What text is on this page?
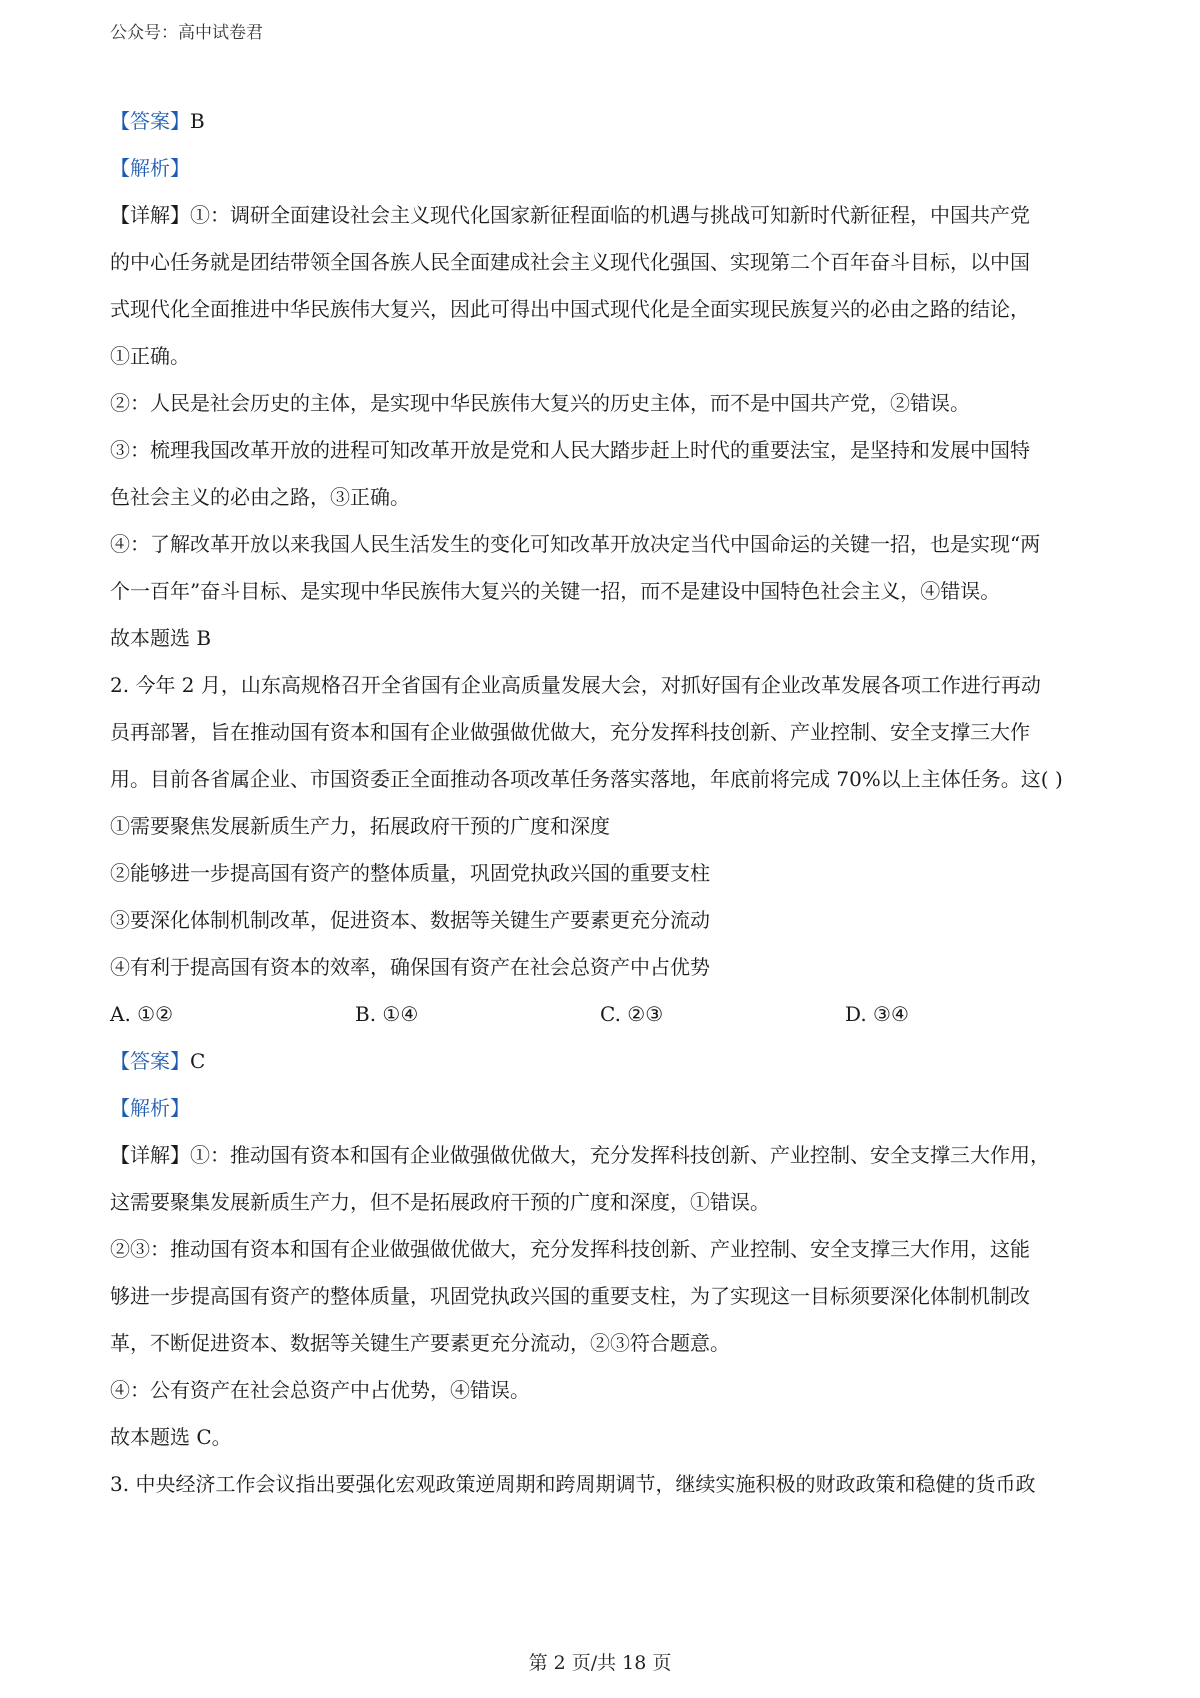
公众号：高中试卷君
【答案】B
【解析】
【详解】①：调研全面建设社会主义现代化国家新征程面临的机遇与挑战可知新时代新征程，中国共产党
的中心任务就是团结带领全国各族人民全面建成社会主义现代化强国、实现第二个百年奋斗目标，以中国
式现代化全面推进中华民族伟大复兴，因此可得出中国式现代化是全面实现民族复兴的必由之路的结论，
①正确。
②：人民是社会历史的主体，是实现中华民族伟大复兴的历史主体，而不是中国共产党，②错误。
③：梳理我国改革开放的进程可知改革开放是党和人民大踏步赶上时代的重要法宝，是坚持和发展中国特
色社会主义的必由之路，③正确。
④：了解改革开放以来我国人民生活发生的变化可知改革开放决定当代中国命运的关键一招，也是实现“两
个一百年”奋斗目标、是实现中华民族伟大复兴的关键一招，而不是建设中国特色社会主义，④错误。
故本题选 B
2. 今年 2 月，山东高规格召开全省国有企业高质量发展大会，对抓好国有企业改革发展各项工作进行再动
员再部署，旨在推动国有资本和国有企业做强做优做大，充分发挥科技创新、产业控制、安全支撑三大作
用。目前各省属企业、市国资委正全面推动各项改革任务落实落地，年底前将完成 70%以上主体任务。这( )
①需要聚焦发展新质生产力，拓展政府干预的广度和深度
②能够进一步提高国有资产的整体质量，巩固党执政兴国的重要支柱
③要深化体制机制改革，促进资本、数据等关键生产要素更充分流动
④有利于提高国有资本的效率，确保国有资产在社会总资产中占优势
A. ①②	B. ①④	C. ②③	D. ③④
【答案】C
【解析】
【详解】①：推动国有资本和国有企业做强做优做大，充分发挥科技创新、产业控制、安全支撑三大作用，
这需要聚集发展新质生产力，但不是拓展政府干预的广度和深度，①错误。
②③：推动国有资本和国有企业做强做优做大，充分发挥科技创新、产业控制、安全支撑三大作用，这能
够进一步提高国有资产的整体质量，巩固党执政兴国的重要支柱，为了实现这一目标须要深化体制机制改
革，不断促进资本、数据等关键生产要素更充分流动，②③符合题意。
④：公有资产在社会总资产中占优势，④错误。
故本题选 C。
3. 中央经济工作会议指出要强化宏观政策逆周期和跨周期调节，继续实施积极的财政政策和稳健的货币政
第 2 页/共 18 页
